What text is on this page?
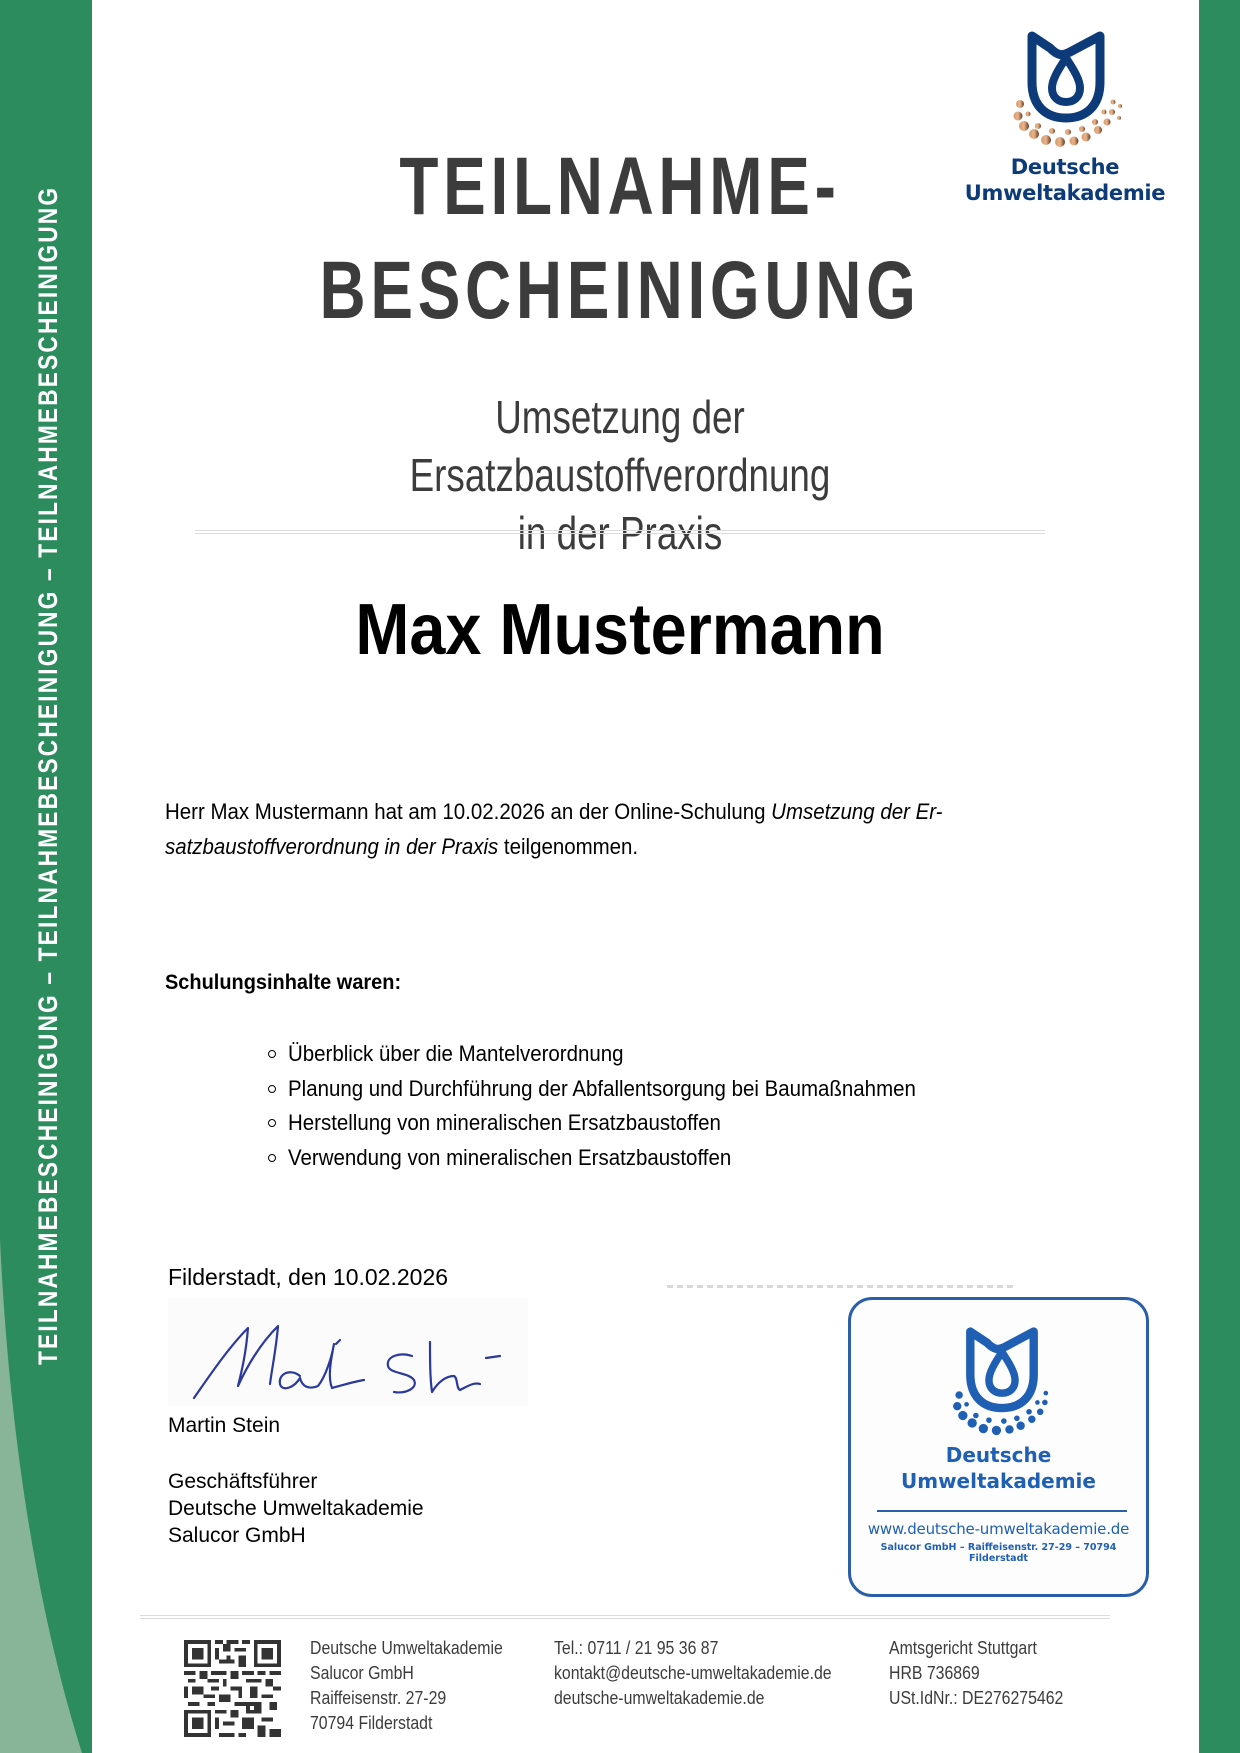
TEILNAHMEBESCHEINIGUNG – TEILNAHMEBESCHEINIGUNG – TEILNAHMEBESCHEINIGUNG
Deutsche
Umweltakademie
TEILNAHME-
BESCHEINIGUNG
Umsetzung der Ersatzbaustoffverordnung
in der Praxis
Max Mustermann

Herr Max Mustermann hat am 10.02.2026 an der Online-Schulung Umsetzung der Er-
satzbaustoffverordnung in der Praxis teilgenommen.

Schulungsinhalte waren:
Überblick über die Mantelverordnung
Planung und Durchführung der Abfallentsorgung bei Baumaßnahmen
Herstellung von mineralischen Ersatzbaustoffen
Verwendung von mineralischen Ersatzbaustoffen
Filderstadt, den 10.02.2026
Martin Stein
Geschäftsführer
Deutsche Umweltakademie
Salucor GmbH
Deutsche
Umweltakademie
www.deutsche-umweltakademie.de
Salucor GmbH – Raiffeisenstr. 27-29 – 70794 Filderstadt
Deutsche Umweltakademie
Salucor GmbH
Raiffeisenstr. 27-29
70794 Filderstadt
Tel.: 0711 / 21 95 36 87
kontakt@deutsche-umweltakademie.de
deutsche-umweltakademie.de
Amtsgericht Stuttgart
HRB 736869
USt.IdNr.: DE276275462
